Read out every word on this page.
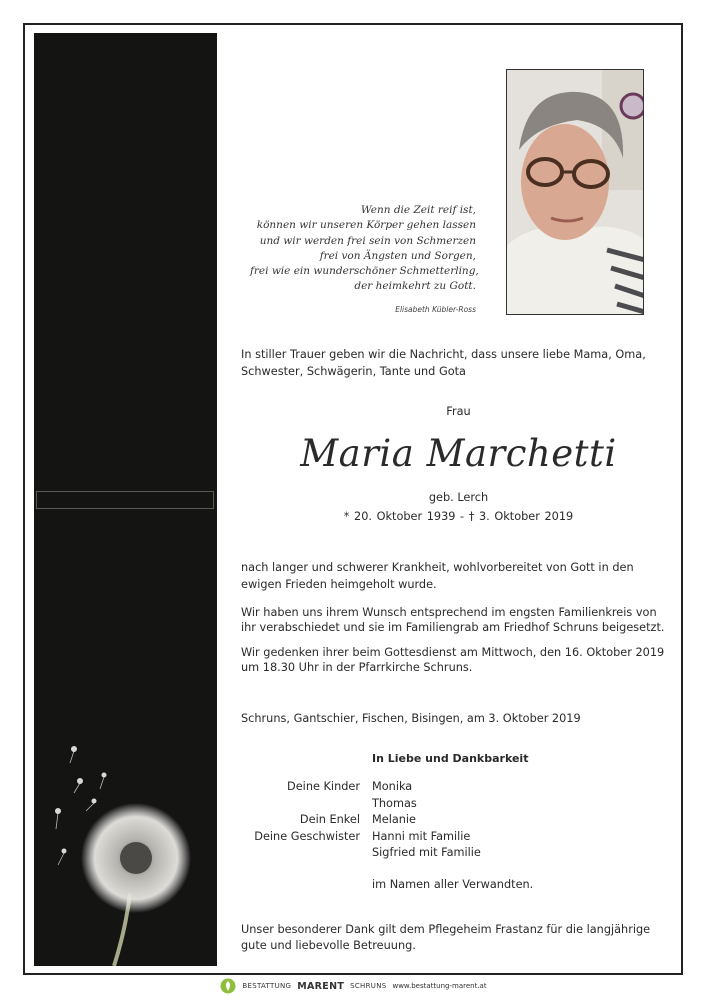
Wenn die Zeit reif ist,
können wir unseren Körper gehen lassen
und wir werden frei sein von Schmerzen
frei von Ängsten und Sorgen,
frei wie ein wunderschöner Schmetterling,
der heimkehrt zu Gott.
Elisabeth Kübler-Ross
In stiller Trauer geben wir die Nachricht, dass unsere liebe Mama, Oma, Schwester, Schwägerin, Tante und Gota
Frau
Maria Marchetti
geb. Lerch
* 20. Oktober 1939 - † 3. Oktober 2019
nach langer und schwerer Krankheit, wohlvorbereitet von Gott in den ewigen Frieden heimgeholt wurde.
Wir haben uns ihrem Wunsch entsprechend im engsten Familienkreis von ihr verabschiedet und sie im Familiengrab am Friedhof Schruns beigesetzt.
Wir gedenken ihrer beim Gottesdienst am Mittwoch, den 16. Oktober 2019 um 18.30 Uhr in der Pfarrkirche Schruns.
Schruns, Gantschier, Fischen, Bisingen, am 3. Oktober 2019
In Liebe und Dankbarkeit
Deine Kinder Monika
Thomas
Dein Enkel Melanie
Deine Geschwister Hanni mit Familie
Sigfried mit Familie
im Namen aller Verwandten.
Unser besonderer Dank gilt dem Pflegeheim Frastanz für die langjährige gute und liebevolle Betreuung.
BESTATTUNG MARENT SCHRUNS www.bestattung-marent.at
